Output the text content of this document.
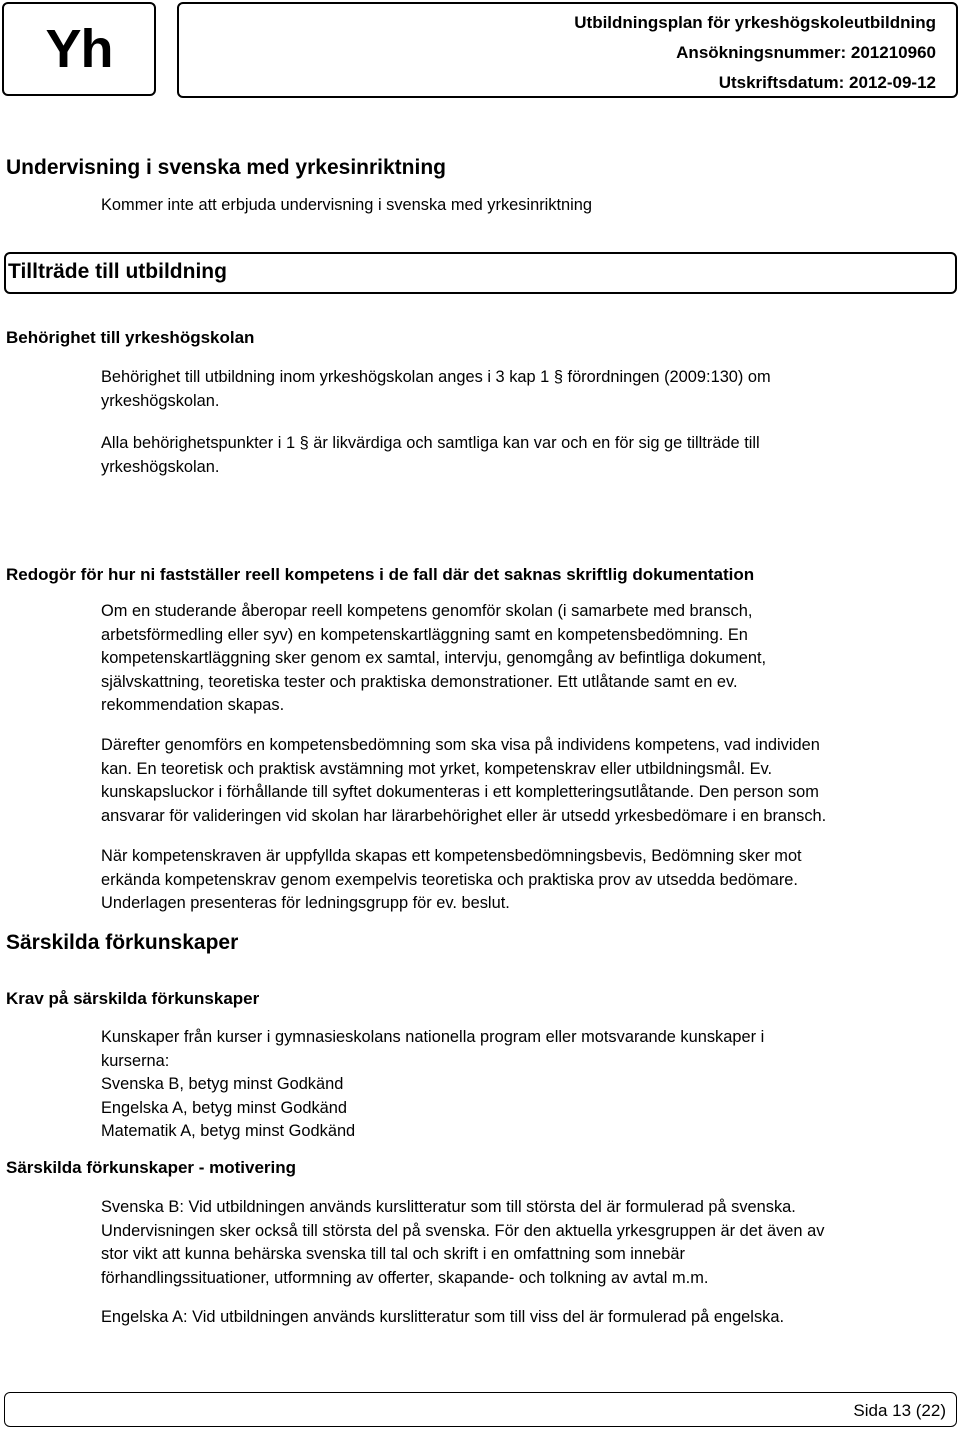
Yh	Utbildningsplan för yrkeshögskoleutbildning
Ansökningsnummer: 201210960
Utskriftsdatum: 2012-09-12
Undervisning i svenska med yrkesinriktning
Kommer inte att erbjuda undervisning i svenska med yrkesinriktning
Tillträde till utbildning
Behörighet till yrkeshögskolan
Behörighet till utbildning inom yrkeshögskolan anges i 3 kap 1 § förordningen (2009:130) om
yrkeshögskolan.
Alla behörighetspunkter i 1 § är likvärdiga och samtliga kan var och en för sig ge tillträde till
yrkeshögskolan.
Redogör för hur ni fastställer reell kompetens i de fall där det saknas skriftlig dokumentation
Om en studerande åberopar reell kompetens genomför skolan (i samarbete med bransch,
arbetsförmedling eller syv) en kompetenskartläggning samt en kompetensbedömning. En
kompetenskartläggning sker genom ex samtal, intervju, genomgång av befintliga dokument,
självskattning, teoretiska tester och praktiska demonstrationer. Ett utlåtande samt en ev.
rekommendation skapas.
Därefter genomförs en kompetensbedömning som ska visa på individens kompetens, vad individen
kan. En teoretisk och praktisk avstämning mot yrket, kompetenskrav eller utbildningsmål. Ev.
kunskapsluckor i förhållande till syftet dokumenteras i ett kompletteringsutlåtande. Den person som
ansvarar för valideringen vid skolan har lärarbehörighet eller är utsedd yrkesbedömare i en bransch.
När kompetenskraven är uppfyllda skapas ett kompetensbedömningsbevis, Bedömning sker mot
erkända kompetenskrav genom exempelvis teoretiska och praktiska prov av utsedda bedömare.
Underlagen presenteras för ledningsgrupp för ev. beslut.
Särskilda förkunskaper
Krav på särskilda förkunskaper
Kunskaper från kurser i gymnasieskolans nationella program eller motsvarande kunskaper i
kurserna:
Svenska B, betyg minst Godkänd
Engelska A, betyg minst Godkänd
Matematik A, betyg minst Godkänd
Särskilda förkunskaper - motivering
Svenska B: Vid utbildningen används kurslitteratur som till största del är formulerad på svenska.
Undervisningen sker också till största del på svenska. För den aktuella yrkesgruppen är det även av
stor vikt att kunna behärska svenska till tal och skrift i en omfattning som innebär
förhandlingssituationer, utformning av offerter, skapande- och tolkning av avtal m.m.
Engelska A: Vid utbildningen används kurslitteratur som till viss del är formulerad på engelska.
Sida 13 (22)
